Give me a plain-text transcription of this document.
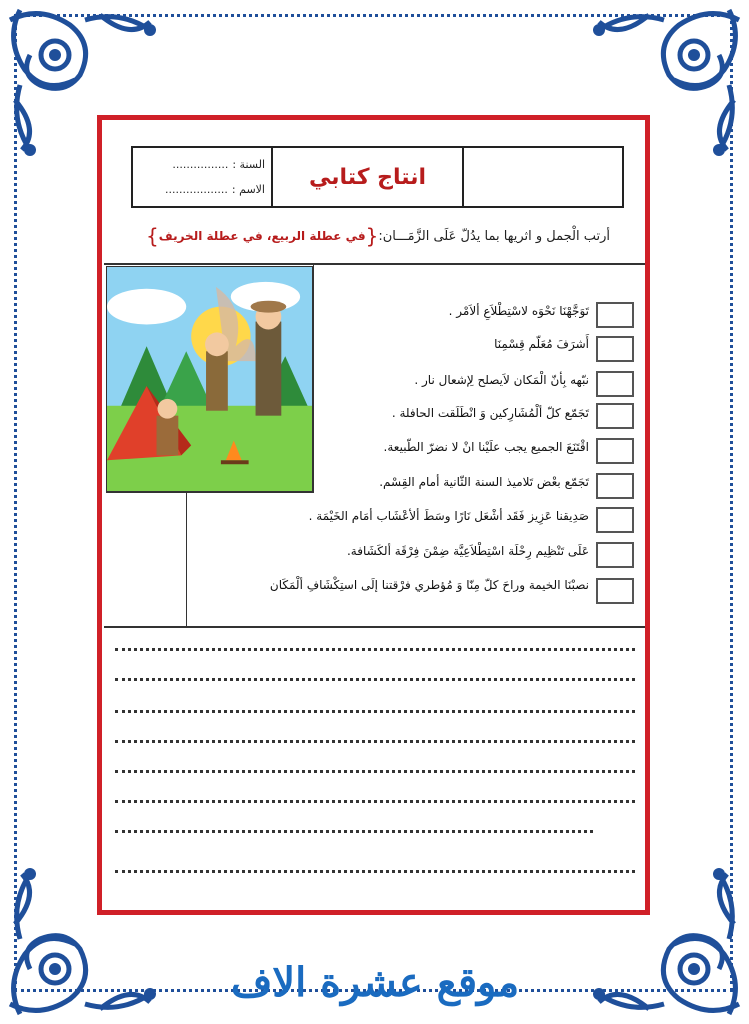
السنة :
................
الاسم :
..................	انتاج كتابي
أرتب الْجمل و اثريها بما يدُلّ عَلَى الزَّمَـــان:
{
في عطلة الربيع، في عطلة الخريف
}
تَوَجَّهْنَا نَحْوَه لاسْتِطْلاَعِ ألاَمْر .
أَشرَفَ مُعَلّم قِسْمِنَا
نبّهه بِأنّ الْمَكان لاَيصلح لِإشعال نار .
تَجَمّع كلّ ألْمُشَارِكين وَ انْطَلَقت الحافلة .
اقْتَنَعَ الجميع يجب علَيْنا انْ لا نضرّ الطّبيعة.
تَجَمّع بعْض تَلاميذ السنة الثّانية أمام القِسْم.
صَدِيقنا عَزِيز فَقَد أشْعَل نَارًا وسَطَ ألأعْشَاب أمَام الخَيْمَة .
عَلَى تَنْظِيم رِحْلَة اسْتِطْلاَعِيَّة ضِمْنَ فِرْقَة ألكَشَافة.
نصبْنَا الخيمة وراحَ كلّ مِنّا وَ مُؤطري فرْقتنا إلَى استِكْشَافِ ألْمَكَان
موقع عشرة الاف
